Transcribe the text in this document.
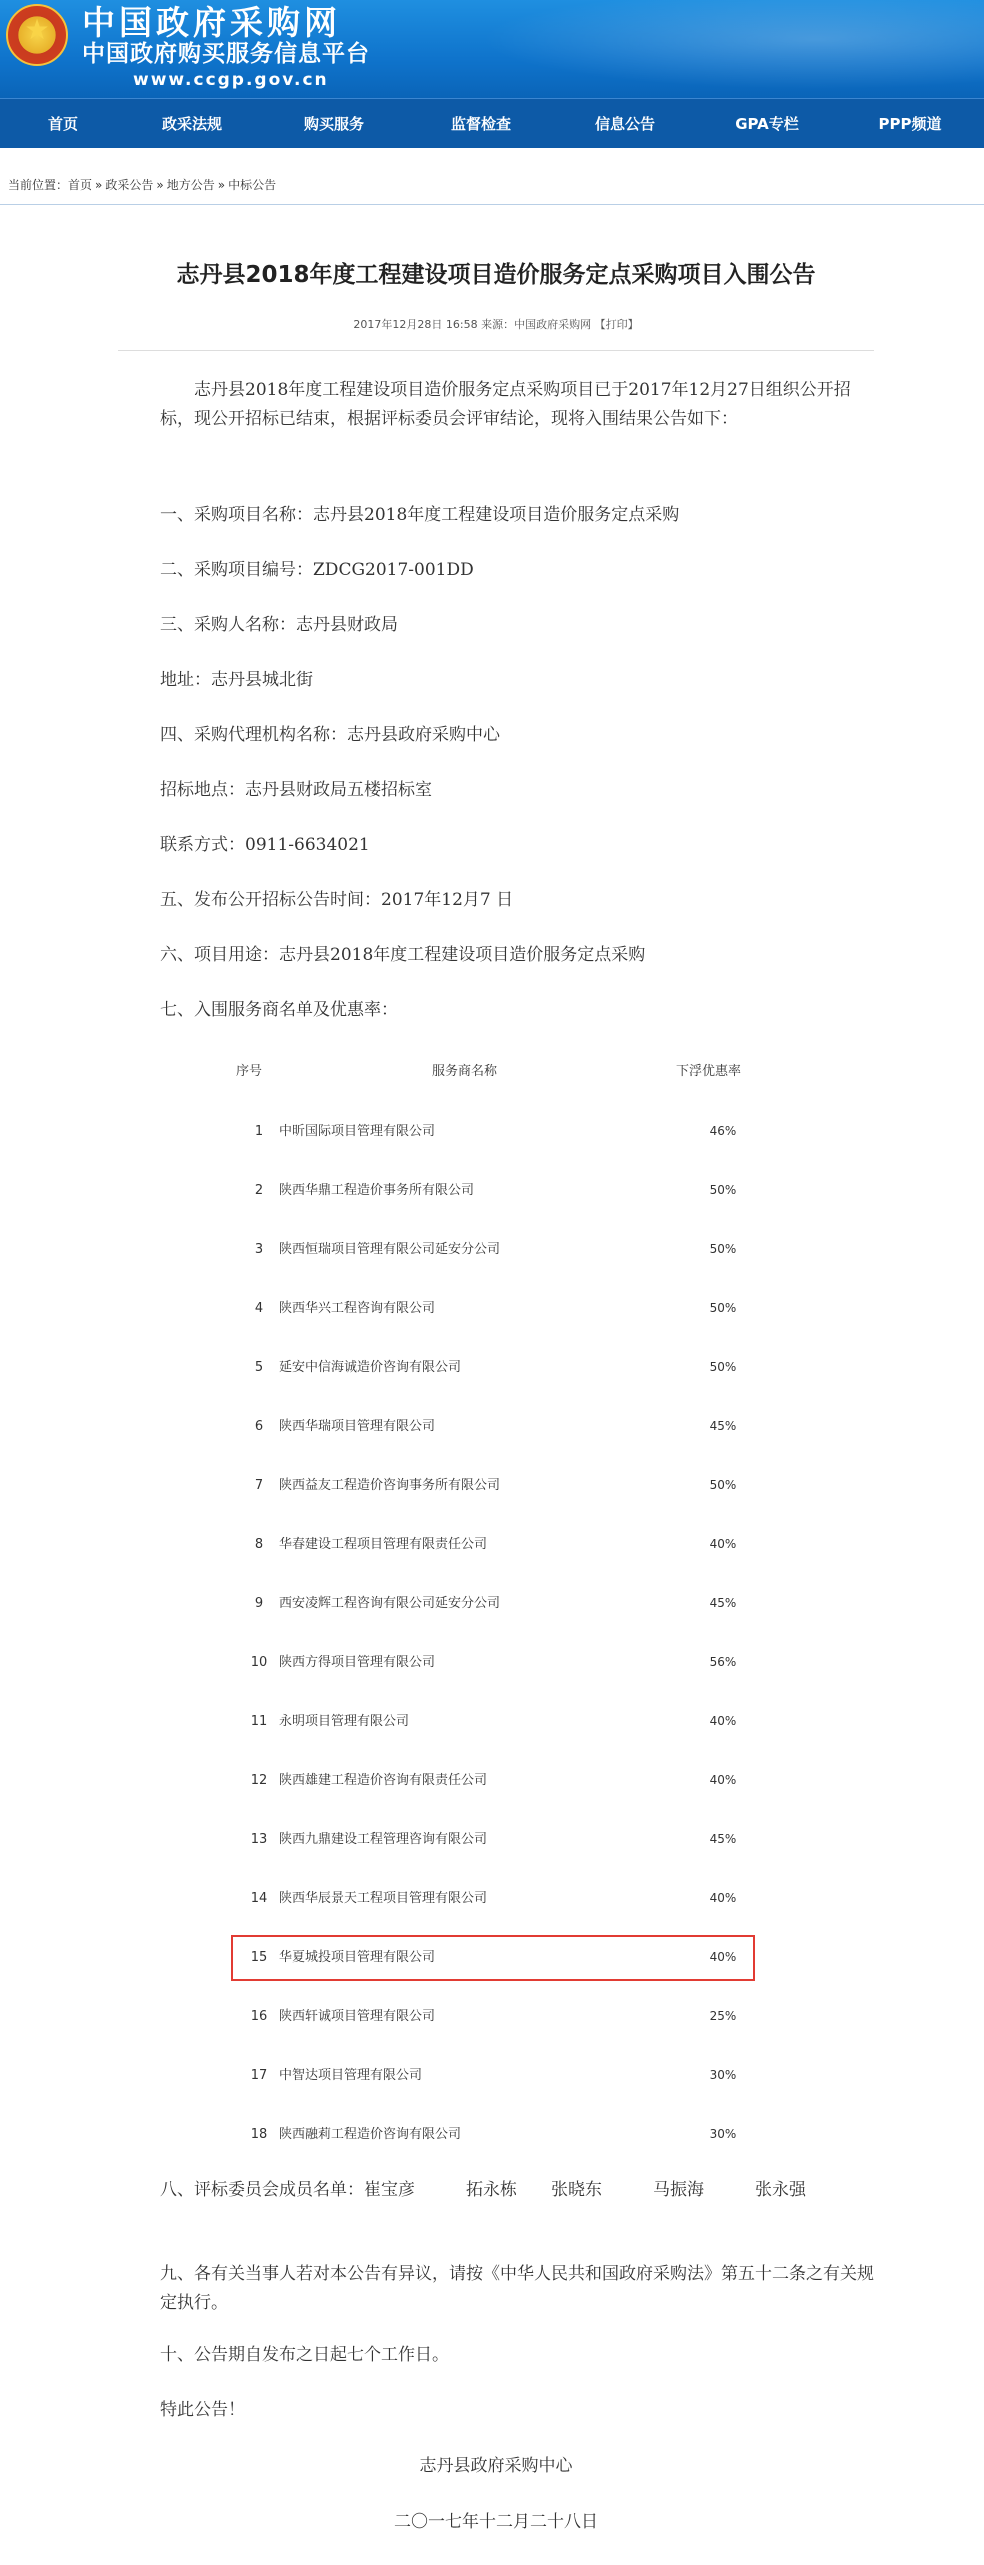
★ 中国政府采购网
中国政府购买服务信息平台
www.ccgp.gov.cn
首页	政采法规	购买服务	监督检查	信息公告	GPA专栏	PPP频道
当前位置：首页 » 政采公告 » 地方公告 » 中标公告
志丹县2018年度工程建设项目造价服务定点采购项目入围公告
2017年12月28日 16:58 来源：中国政府采购网 【打印】
志丹县2018年度工程建设项目造价服务定点采购项目已于2017年12月27日组织公开招标，现公开招标已结束，根据评标委员会评审结论，现将入围结果公告如下：
一、采购项目名称：志丹县2018年度工程建设项目造价服务定点采购
二、采购项目编号：ZDCG2017-001DD
三、采购人名称：志丹县财政局
地址：志丹县城北街
四、采购代理机构名称：志丹县政府采购中心
招标地点：志丹县财政局五楼招标室
联系方式：0911-6634021
五、发布公开招标公告时间：2017年12月7 日
六、项目用途：志丹县2018年度工程建设项目造价服务定点采购
七、入围服务商名单及优惠率：
序号	服务商名称	下浮优惠率
1	中昕国际项目管理有限公司	46%
2	陕西华鼎工程造价事务所有限公司	50%
3	陕西恒瑞项目管理有限公司延安分公司	50%
4	陕西华兴工程咨询有限公司	50%
5	延安中信海诚造价咨询有限公司	50%
6	陕西华瑞项目管理有限公司	45%
7	陕西益友工程造价咨询事务所有限公司	50%
8	华春建设工程项目管理有限责任公司	40%
9	西安凌辉工程咨询有限公司延安分公司	45%
10 陕西方得项目管理有限公司	56%
11 永明项目管理有限公司	40%
12 陕西雄建工程造价咨询有限责任公司	40%
13 陕西九鼎建设工程管理咨询有限公司	45%
14 陕西华辰景天工程项目管理有限公司	40%
15 华夏城投项目管理有限公司	40%
16 陕西轩诚项目管理有限公司	25%
17 中智达项目管理有限公司	30%
18 陕西融莉工程造价咨询有限公司	30%
八、评标委员会成员名单：崔宝彦　　　拓永栋　　张晓东　　　马振海　　　张永强
九、各有关当事人若对本公告有异议，请按《中华人民共和国政府采购法》第五十二条之有关规定执行。
十、公告期自发布之日起七个工作日。
特此公告！
志丹县政府采购中心
二〇一七年十二月二十八日
